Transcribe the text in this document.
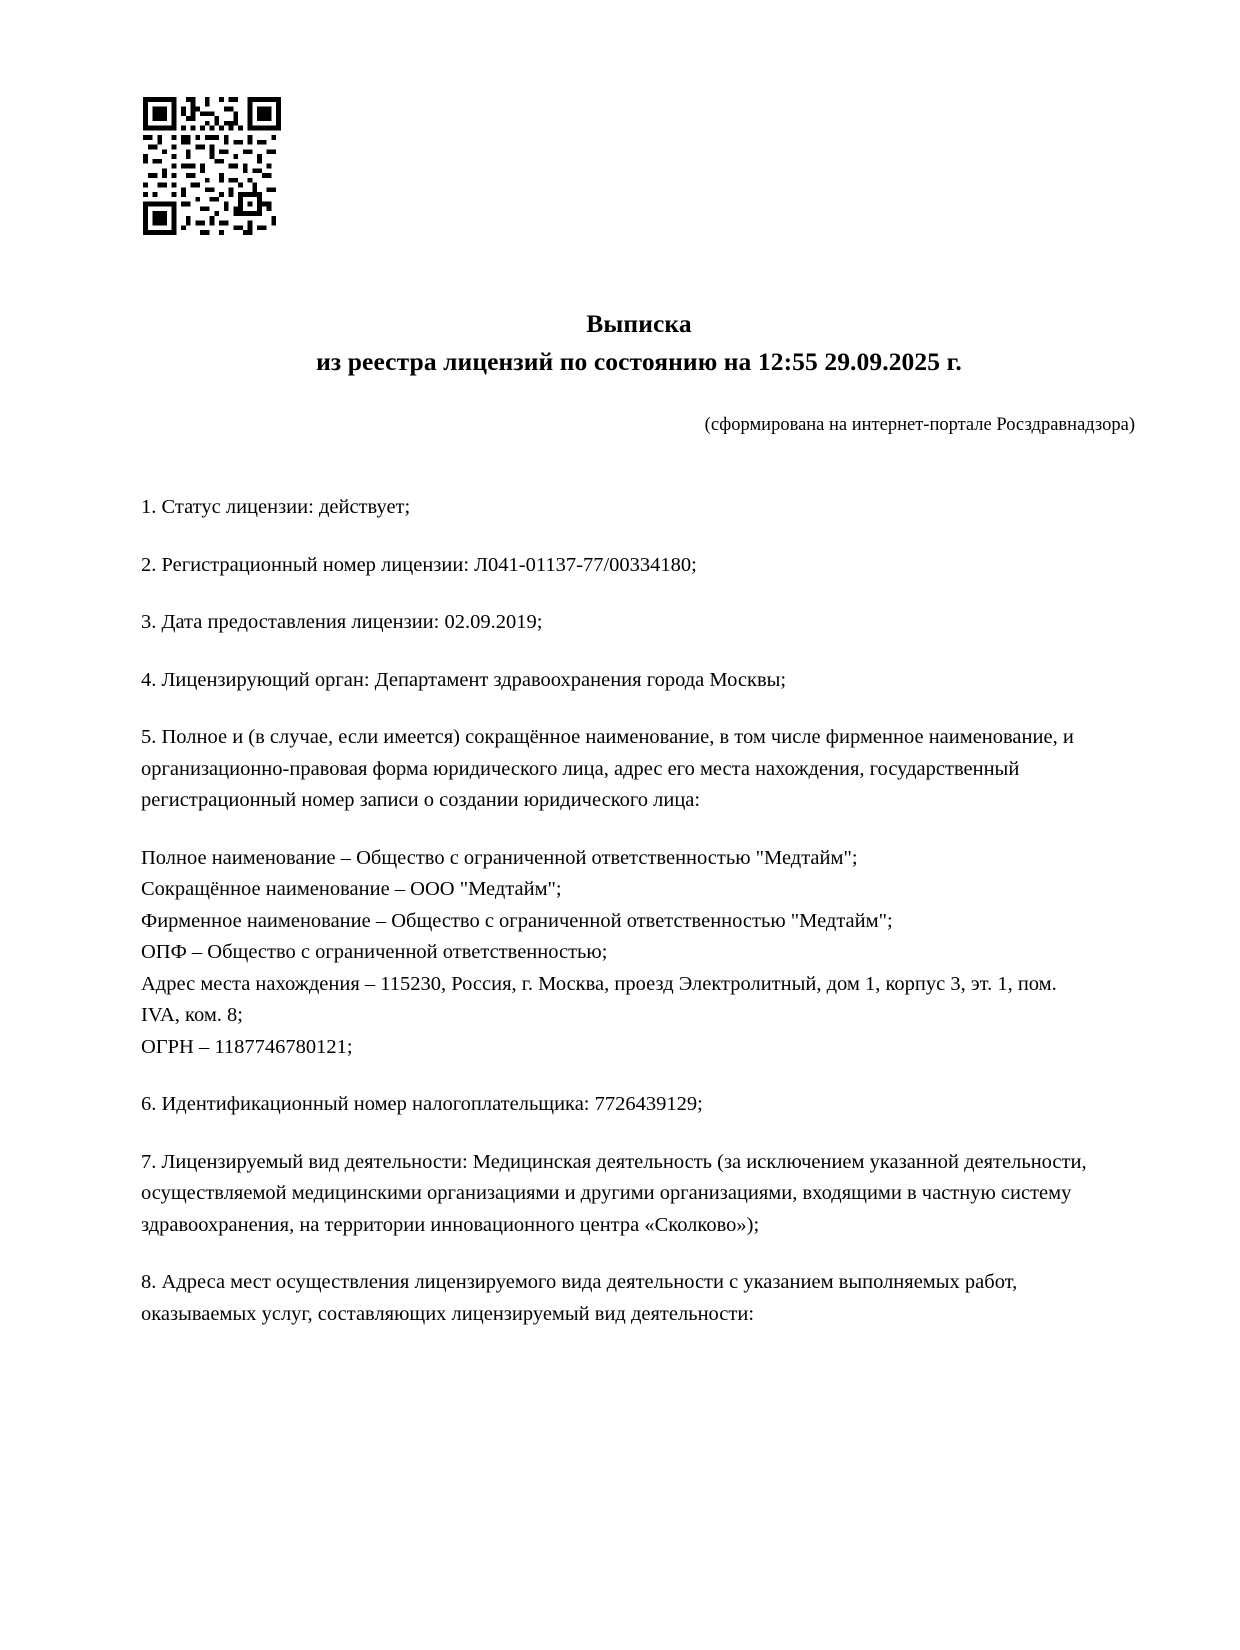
Выписка
из реестра лицензий по состоянию на 12:55 29.09.2025 г.
(сформирована на интернет-портале Росздравнадзора)

1. Статус лицензии: действует;

2. Регистрационный номер лицензии: Л041-01137-77/00334180;

3. Дата предоставления лицензии: 02.09.2019;

4. Лицензирующий орган: Департамент здравоохранения города Москвы;

5. Полное и (в случае, если имеется) сокращённое наименование, в том числе фирменное наименование, и организационно-правовая форма юридического лица, адрес его места нахождения, государственный регистрационный номер записи о создании юридического лица:

Полное наименование – Общество с ограниченной ответственностью "Медтайм";

Сокращённое наименование – ООО "Медтайм";

Фирменное наименование – Общество с ограниченной ответственностью "Медтайм";

ОПФ – Общество с ограниченной ответственностью;

Адрес места нахождения – 115230, Россия, г. Москва, проезд Электролитный, дом 1, корпус 3, эт. 1, пом. IVA, ком. 8;

ОГРН – 1187746780121;

6. Идентификационный номер налогоплательщика: 7726439129;

7. Лицензируемый вид деятельности: Медицинская деятельность (за исключением указанной деятельности, осуществляемой медицинскими организациями и другими организациями, входящими в частную систему здравоохранения, на территории инновационного центра «Сколково»);

8. Адреса мест осуществления лицензируемого вида деятельности с указанием выполняемых работ, оказываемых услуг, составляющих лицензируемый вид деятельности:
